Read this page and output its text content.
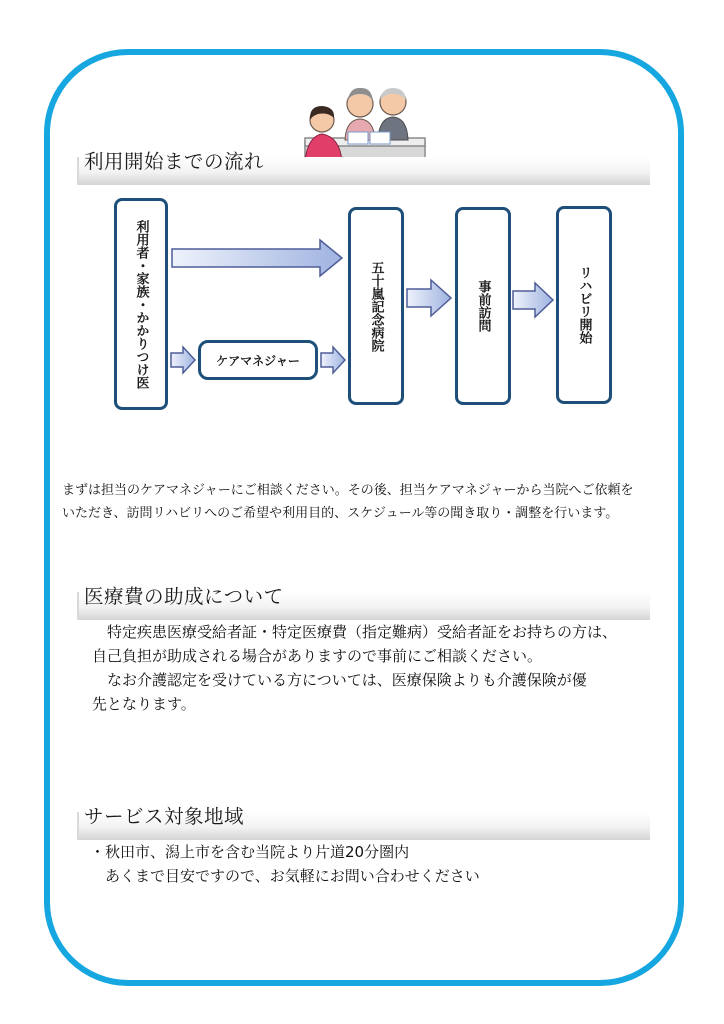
利用開始までの流れ
利用者・家族・かかりつけ医	ケアマネジャー
五十嵐記念病院	事前訪問	リハビリ開始
まずは担当のケアマネジャーにご相談ください。その後、担当ケアマネジャーから当院へご依頼を
いただき、訪問リハビリへのご希望や利用目的、スケジュール等の聞き取り・調整を行います。
医療費の助成について
　特定疾患医療受給者証・特定医療費（指定難病）受給者証をお持ちの方は、
自己負担が助成される場合がありますので事前にご相談ください。
　なお介護認定を受けている方については、医療保険よりも介護保険が優
先となります。
サービス対象地域
・秋田市、潟上市を含む当院より片道20分圏内
　あくまで目安ですので、お気軽にお問い合わせください
